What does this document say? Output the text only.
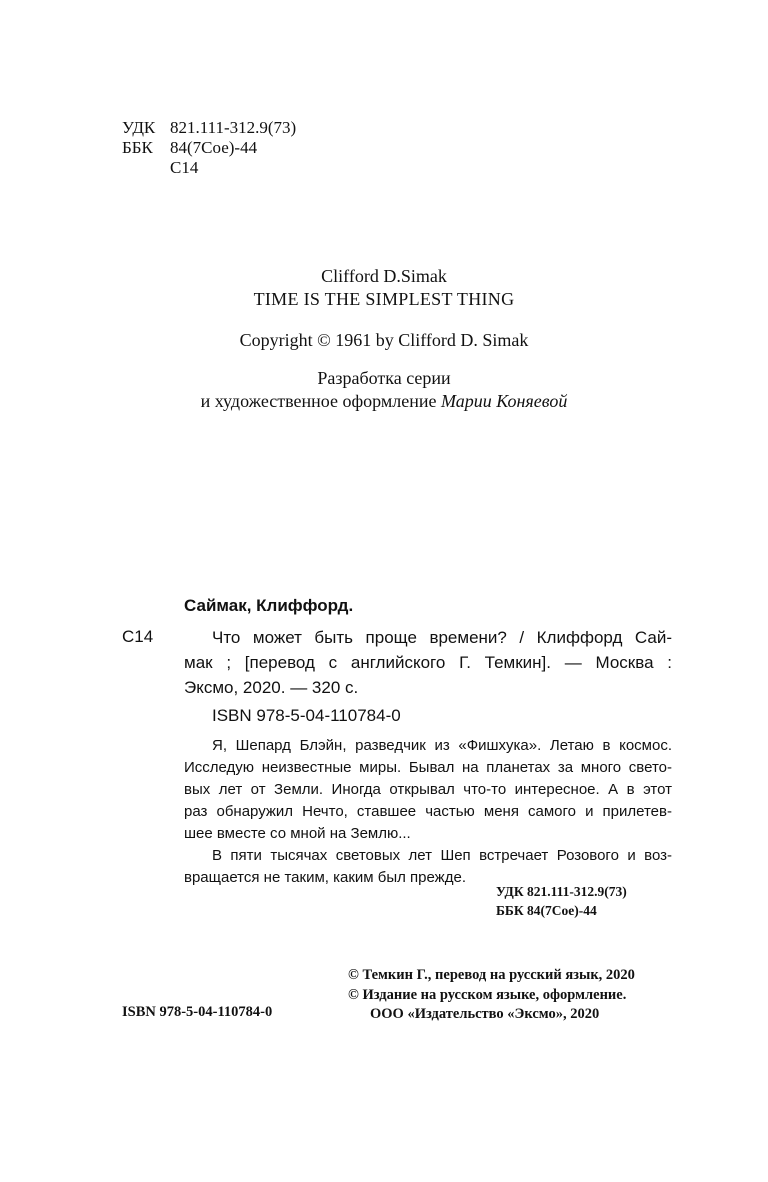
УДК 821.111-312.9(73)
ББК 84(7Сое)-44
С14
Clifford D.Simak
TIME IS THE SIMPLEST THING
Copyright © 1961 by Clifford D. Simak
Разработка серии
и художественное оформление Марии Коняевой
Саймак, Клиффорд.
С14	Что может быть проще времени? / Клиффорд Сай-
мак ; [перевод с английского Г. Темкин]. — Москва :
Эксмо, 2020. — 320 с.
ISBN 978-5-04-110784-0
Я, Шепард Блэйн, разведчик из «Фишхука». Летаю в космос.
Исследую неизвестные миры. Бывал на планетах за много свето-
вых лет от Земли. Иногда открывал что-то интересное. А в этот
раз обнаружил Нечто, ставшее частью меня самого и прилетев-
шее вместе со мной на Землю...
В пяти тысячах световых лет Шеп встречает Розового и воз-
вращается не таким, каким был прежде.
УДК 821.111-312.9(73)
ББК 84(7Сое)-44
© Темкин Г., перевод на русский язык, 2020
© Издание на русском языке, оформление.
ООО «Издательство «Эксмо», 2020
ISBN 978-5-04-110784-0
